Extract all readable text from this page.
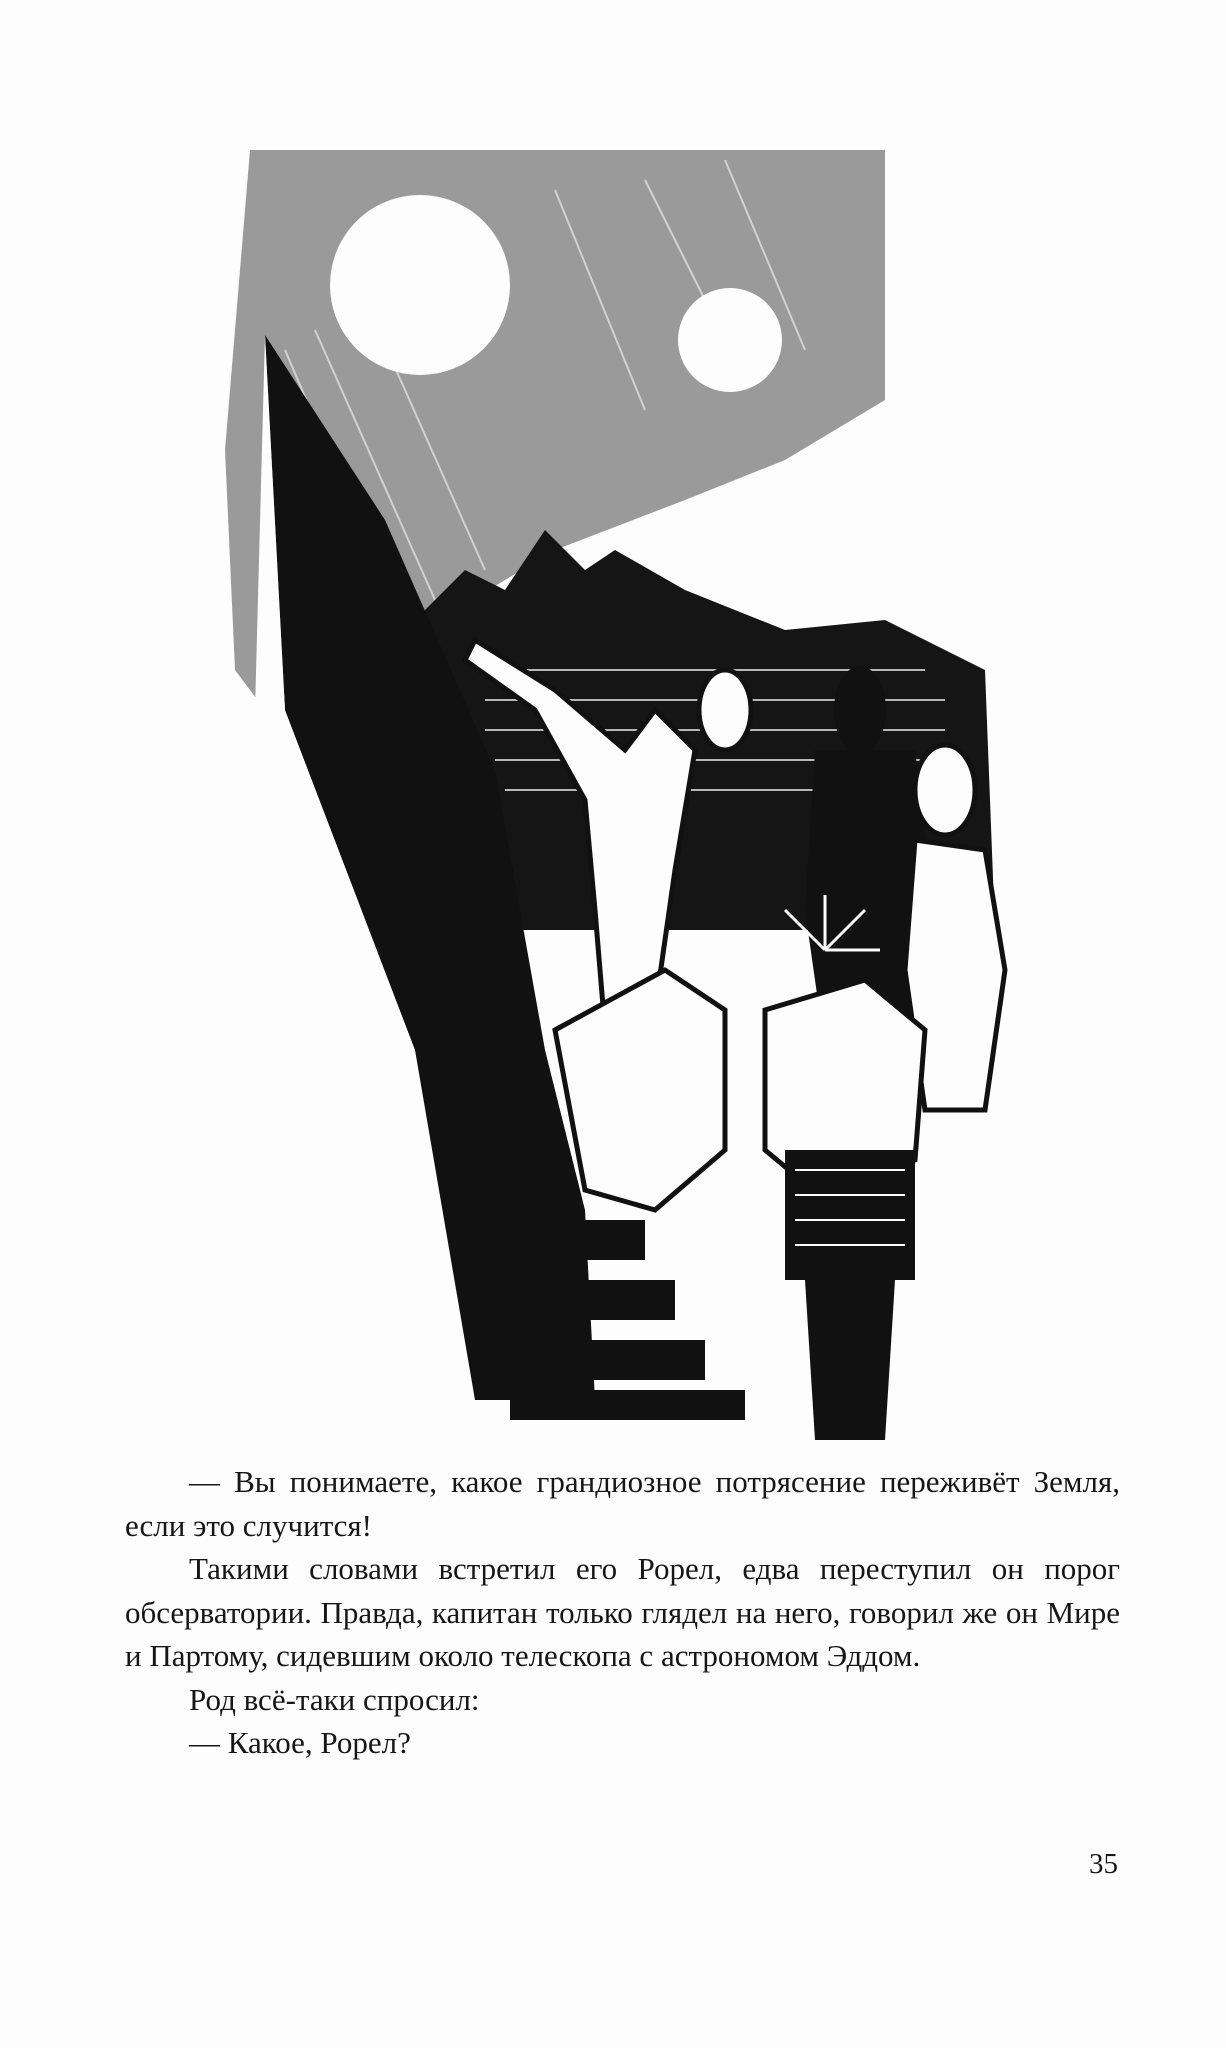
— Вы понимаете, какое грандиозное потрясение переживёт Земля, если это случится!

Такими словами встретил его Рорел, едва переступил он порог обсерватории. Правда, капитан только глядел на него, говорил же он Мире и Партому, сидевшим около телескопа с астрономом Эддом.

Род всё-таки спросил:

— Какое, Рорел?

35
